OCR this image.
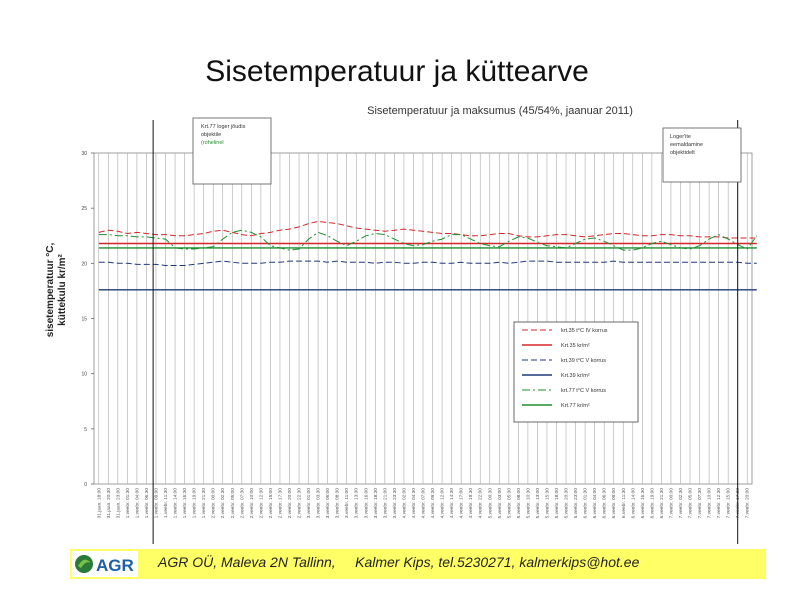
Sisetemperatuur ja küttearve
Sisetemperatuur ja maksumus (45/54%, jaanuar 2011)
0
5
10
15
20
25
30
31.jaan. 18:00 31.jaan. 20:30 31.jaan. 23:00 1.veebr. 01:30 1.veebr. 04:00 1.veebr. 06:30 1.veebr. 09:00 1.veebr. 11:30 1.veebr. 14:00 1.veebr. 16:30 1.veebr. 19:00 1.veebr. 21:30 2.veebr. 00:00 2.veebr. 02:30 2.veebr. 05:00 2.veebr. 07:30 2.veebr. 10:00 2.veebr. 12:30 2.veebr. 15:00 2.veebr. 17:30 2.veebr. 20:00 2.veebr. 22:30 3.veebr. 01:00 3.veebr. 03:30 3.veebr. 06:00 3.veebr. 08:30 3.veebr. 11:00 3.veebr. 13:30 3.veebr. 16:00 3.veebr. 18:30 3.veebr. 21:00 3.veebr. 23:30 4.veebr. 02:00 4.veebr. 04:30 4.veebr. 07:00 4.veebr. 09:30 4.veebr. 12:00 4.veebr. 14:30 4.veebr. 17:00 4.veebr. 19:30 4.veebr. 22:00 5.veebr. 00:30 5.veebr. 03:00 5.veebr. 05:30 5.veebr. 08:00 5.veebr. 10:30 5.veebr. 13:00 5.veebr. 15:30 5.veebr. 18:00 5.veebr. 20:30 5.veebr. 23:00 6.veebr. 01:30 6.veebr. 04:00 6.veebr. 06:30 6.veebr. 09:00 6.veebr. 11:30 6.veebr. 14:00 6.veebr. 16:30 6.veebr. 19:00 6.veebr. 21:30 7.veebr. 00:00 7.veebr. 02:30 7.veebr. 05:00 7.veebr. 07:30 7.veebr. 10:00 7.veebr. 12:30 7.veebr. 15:00 7.veebr. 17:30 7.veebr. 20:00
Krt.77 loger jõudis
objektile
(rohelinel
Loger'ite
eemaldamine
objektidelt
krt.35 t°C IV korrus
Krt.35 kr/m²
krt.39 t°C V korrus
Krt.39 kr/m²
krt.77 t°C V korrus
Krt.77 kr/m²
sisetemperatuur °C, küttekulu kr/m²
AGR AGR OÜ, Maleva 2N Tallinn,     Kalmer Kips, tel.5230271, kalmerkips@hot.ee
